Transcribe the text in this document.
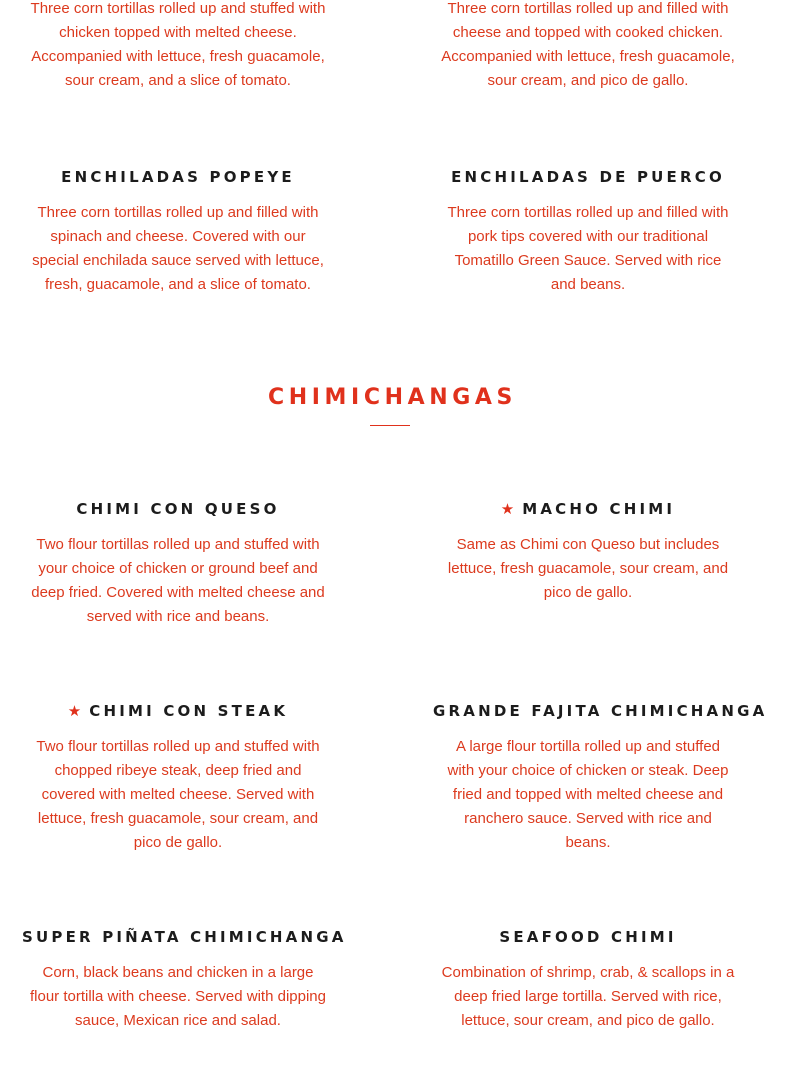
Three corn tortillas rolled up and stuffed with chicken topped with melted cheese. Accompanied with lettuce, fresh guacamole, sour cream, and a slice of tomato.
Three corn tortillas rolled up and filled with cheese and topped with cooked chicken. Accompanied with lettuce, fresh guacamole, sour cream, and pico de gallo.
ENCHILADAS POPEYE
Three corn tortillas rolled up and filled with spinach and cheese. Covered with our special enchilada sauce served with lettuce, fresh, guacamole, and a slice of tomato.
ENCHILADAS DE PUERCO
Three corn tortillas rolled up and filled with pork tips covered with our traditional Tomatillo Green Sauce. Served with rice and beans.
CHIMICHANGAS
CHIMI CON QUESO
Two flour tortillas rolled up and stuffed with your choice of chicken or ground beef and deep fried. Covered with melted cheese and served with rice and beans.
★ MACHO CHIMI
Same as Chimi con Queso but includes lettuce, fresh guacamole, sour cream, and pico de gallo.
★ CHIMI CON STEAK
Two flour tortillas rolled up and stuffed with chopped ribeye steak, deep fried and covered with melted cheese. Served with lettuce, fresh guacamole, sour cream, and pico de gallo.
GRANDE FAJITA CHIMICHANGA
A large flour tortilla rolled up and stuffed with your choice of chicken or steak. Deep fried and topped with melted cheese and ranchero sauce. Served with rice and beans.
SUPER PIÑATA CHIMICHANGA
Corn, black beans and chicken in a large flour tortilla with cheese. Served with dipping sauce, Mexican rice and salad.
SEAFOOD CHIMI
Combination of shrimp, crab, & scallops in a deep fried large tortilla. Served with rice, lettuce, sour cream, and pico de gallo.
